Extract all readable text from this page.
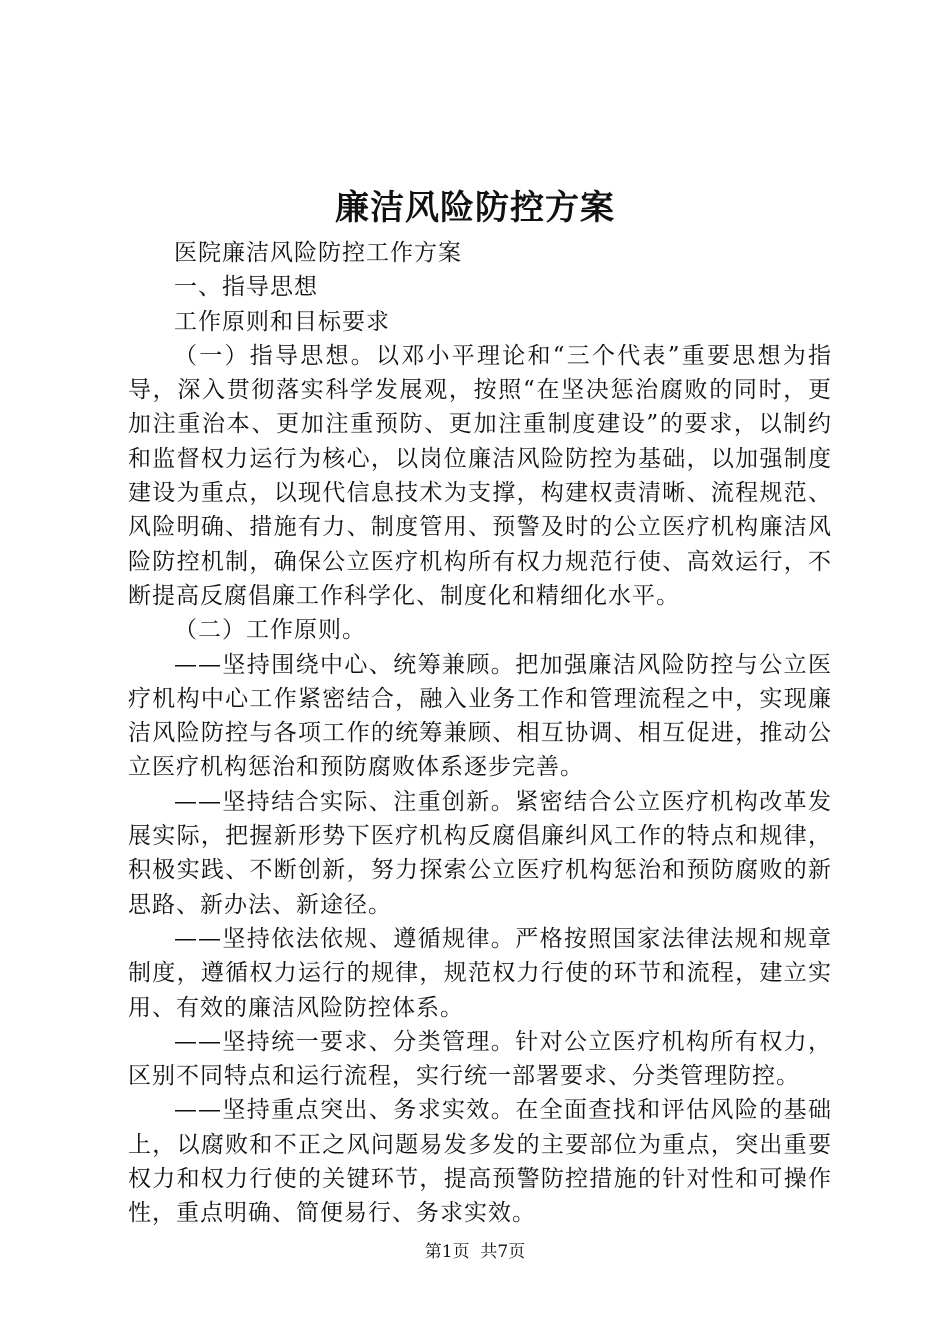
廉洁风险防控方案

医院廉洁风险防控工作方案

一、指导思想

工作原则和目标要求

（一）指导思想。以邓小平理论和“三个代表”重要思想为指导，深入贯彻落实科学发展观，按照“在坚决惩治腐败的同时，更加注重治本、更加注重预防、更加注重制度建设”的要求，以制约和监督权力运行为核心，以岗位廉洁风险防控为基础，以加强制度建设为重点，以现代信息技术为支撑，构建权责清晰、流程规范、风险明确、措施有力、制度管用、预警及时的公立医疗机构廉洁风险防控机制，确保公立医疗机构所有权力规范行使、高效运行，不断提高反腐倡廉工作科学化、制度化和精细化水平。

（二）工作原则。

——坚持围绕中心、统筹兼顾。把加强廉洁风险防控与公立医疗机构中心工作紧密结合，融入业务工作和管理流程之中，实现廉洁风险防控与各项工作的统筹兼顾、相互协调、相互促进，推动公立医疗机构惩治和预防腐败体系逐步完善。

——坚持结合实际、注重创新。紧密结合公立医疗机构改革发展实际，把握新形势下医疗机构反腐倡廉纠风工作的特点和规律，积极实践、不断创新，努力探索公立医疗机构惩治和预防腐败的新思路、新办法、新途径。

——坚持依法依规、遵循规律。严格按照国家法律法规和规章制度，遵循权力运行的规律，规范权力行使的环节和流程，建立实用、有效的廉洁风险防控体系。

——坚持统一要求、分类管理。针对公立医疗机构所有权力，区别不同特点和运行流程，实行统一部署要求、分类管理防控。

——坚持重点突出、务求实效。在全面查找和评估风险的基础上，以腐败和不正之风问题易发多发的主要部位为重点，突出重要权力和权力行使的关键环节，提高预警防控措施的针对性和可操作性，重点明确、简便易行、务求实效。

第1页  共7页
